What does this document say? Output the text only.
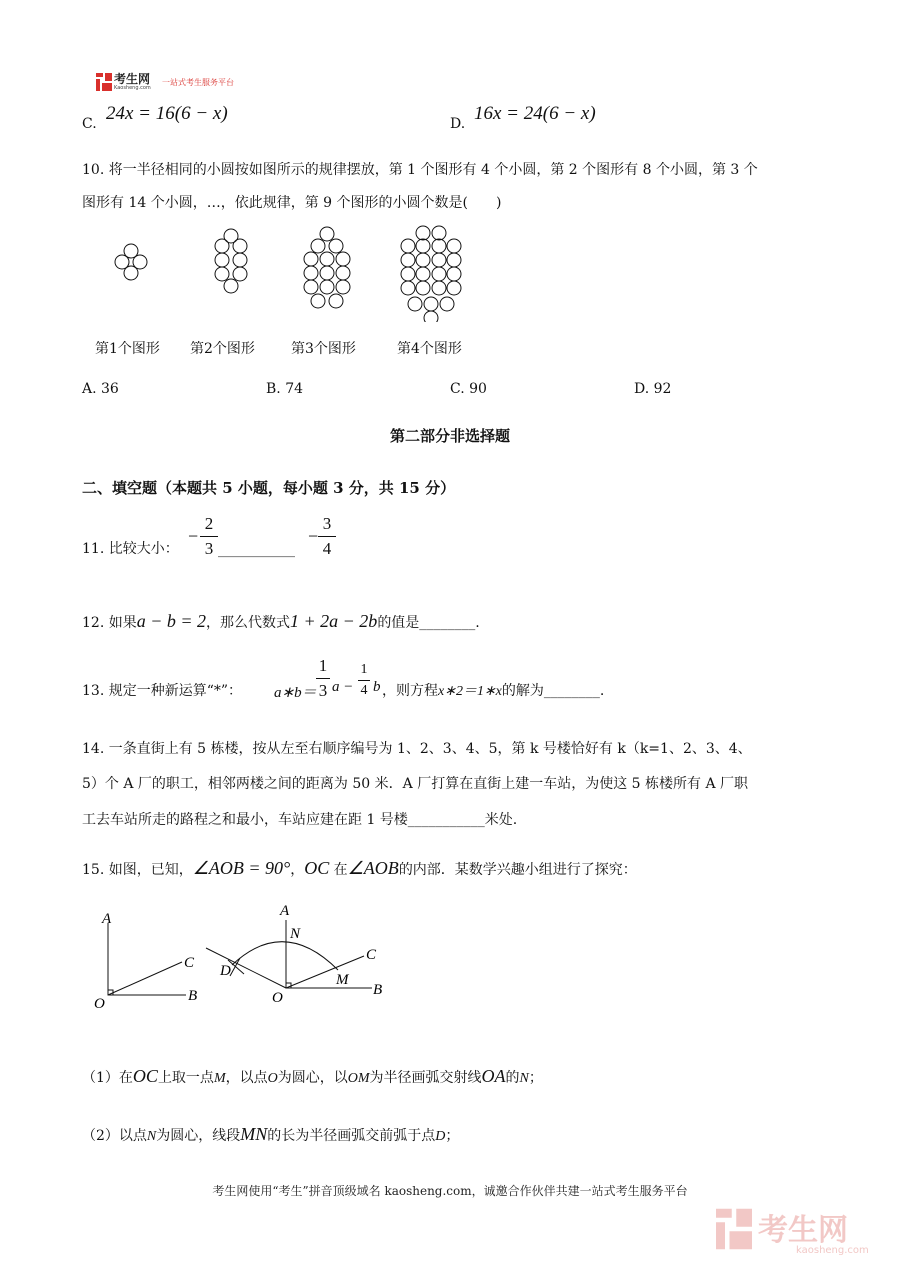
考生网
Kaosheng.com
一站式考生服务平台
C. 24x = 16(6 − x)	D. 16x = 24(6 − x)
10. 将一半径相同的小圆按如图所示的规律摆放，第 1 个图形有 4 个小圆，第 2 个图形有 8 个小圆，第 3 个
图形有 14 个小圆，…，依此规律，第 9 个图形的小圆个数是(　　)
第1个图形 第2个图形	第3个图形	第4个图形
A. 36	B. 74	C. 90	D. 92
第二部分非选择题
二、填空题（本题共 5 小题，每小题 3 分，共 15 分）
11. 比较大小：
−
2
3 ___________
−
3
4
12. 如果a − b = 2，那么代数式1 + 2a − 2b的值是________.
13. 规定一种新运算“*”： a∗b＝
1
3 a −
1
4 b ，则方程x∗2＝1∗x的解为________.
14. 一条直街上有 5 栋楼，按从左至右顺序编号为 1、2、3、4、5，第 k 号楼恰好有 k（k=1、2、3、4、
5）个 A 厂的职工，相邻两楼之间的距离为 50 米．A 厂打算在直街上建一车站，为使这 5 栋楼所有 A 厂职
工去车站所走的路程之和最小，车站应建在距 1 号楼___________米处.
15. 如图，已知，∠AOB = 90°，OC 在∠AOB的内部．某数学兴趣小组进行了探究：
A
C
O	B
A
N
C
D
M
O	B
（1）在OC上取一点M，以点O为圆心，以OM为半径画弧交射线OA的N；
（2）以点N为圆心，线段MN的长为半径画弧交前弧于点D；
考生网使用“考生”拼音顶级域名 kaosheng.com，诚邀合作伙伴共建一站式考生服务平台
考生网
kaosheng.com
